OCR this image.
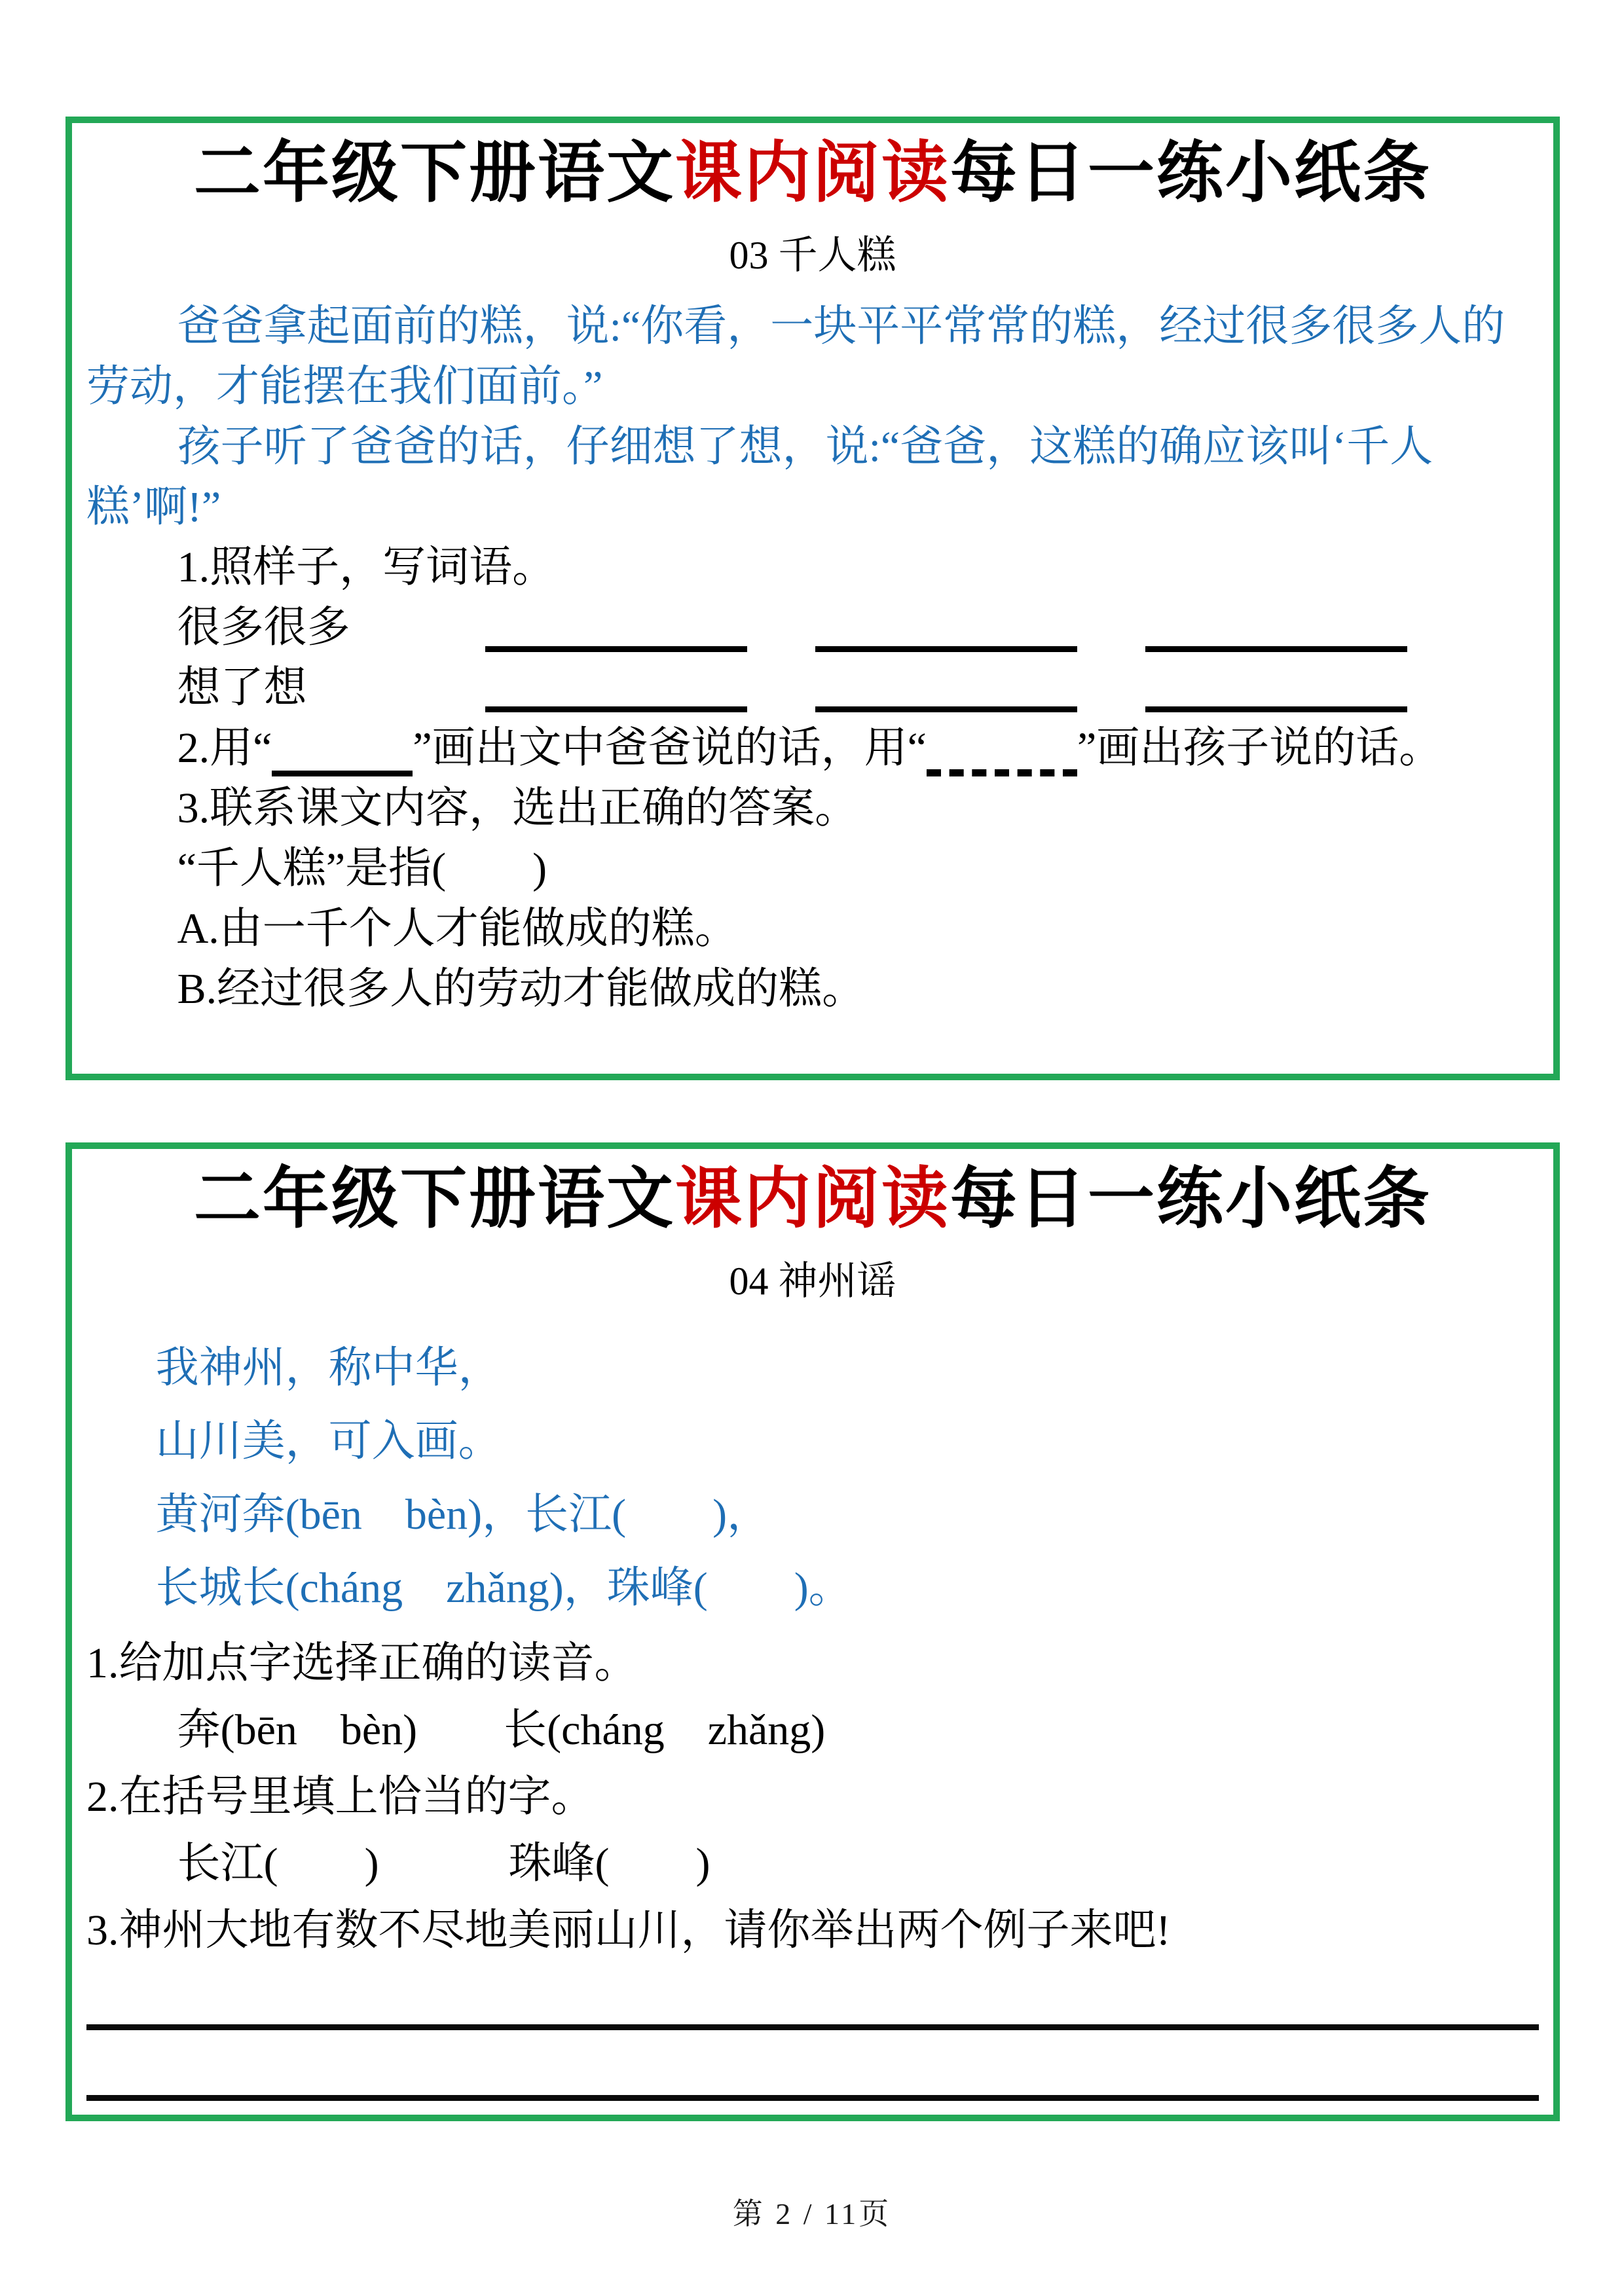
二年级下册语文课内阅读每日一练小纸条
03 千人糕

爸爸拿起面前的糕，说:“你看，一块平平常常的糕，经过很多很多人的劳动，才能摆在我们面前。”

孩子听了爸爸的话，仔细想了想，说:“爸爸，这糕的确应该叫‘千人糕’啊!”

1.照样子，写词语。

很多很多
想了想

2.用“	”画出文中爸爸说的话，用“	”画出孩子说的话。

3.联系课文内容，选出正确的答案。

“千人糕”是指(　　)

A.由一千个人才能做成的糕。

B.经过很多人的劳动才能做成的糕。

二年级下册语文课内阅读每日一练小纸条
04 神州谣

我神州，称中华，

山川美，可入画。

黄河奔(bēn　bèn)，长江(　　)，

长城长(cháng　zhǎng)，珠峰(　　)。

1.给加点字选择正确的读音。

奔(bēn　bèn)　　长(cháng　zhǎng)

2.在括号里填上恰当的字。

长江(　　)　　　珠峰(　　)

3.神州大地有数不尽地美丽山川，请你举出两个例子来吧!

第 2 / 11页
